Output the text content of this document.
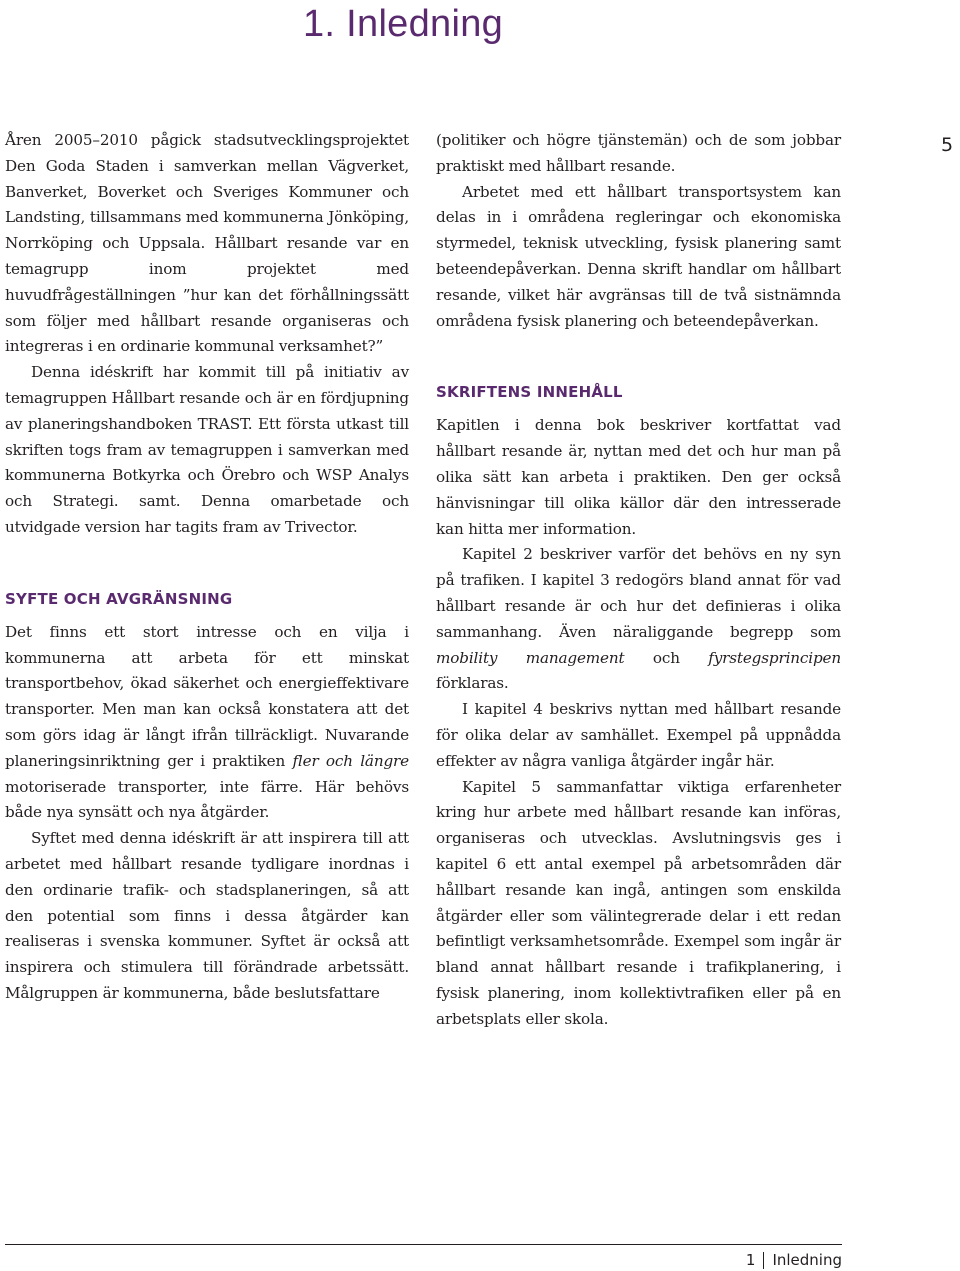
1. Inledning
5

Åren 2005–2010 pågick stadsutvecklingsprojektet Den Goda Staden i samverkan mellan Vägverket, Banverket, Boverket och Sveriges Kommuner och Landsting, tillsammans med kommunerna Jönköping, Norrköping och Uppsala. Hållbart resande var en temagrupp inom projektet med huvudfrågeställningen ”hur kan det förhållningssätt som följer med hållbart resande organiseras och integreras i en ordinarie kommunal verksamhet?”

Denna idéskrift har kommit till på initiativ av temagruppen Hållbart resande och är en fördjupning av planeringshandboken TRAST. Ett första utkast till skriften togs fram av temagruppen i samverkan med kommunerna Botkyrka och Örebro och WSP Analys och Strategi. samt. Denna omarbetade och utvidgade version har tagits fram av Trivector.

SYFTE OCH AVGRÄNSNING

Det finns ett stort intresse och en vilja i kommunerna att arbeta för ett minskat transportbehov, ökad säkerhet och energieffektivare transporter. Men man kan också konstatera att det som görs idag är långt ifrån tillräckligt. Nuvarande planeringsinriktning ger i praktiken fler och längre motoriserade transporter, inte färre. Här behövs både nya synsätt och nya åtgärder.

Syftet med denna idéskrift är att inspirera till att arbetet med hållbart resande tydligare inordnas i den ordinarie trafik- och stadsplaneringen, så att den potential som finns i dessa åtgärder kan realiseras i svenska kommuner. Syftet är också att inspirera och stimulera till förändrade arbetssätt. Målgruppen är kommunerna, både beslutsfattare

(politiker och högre tjänstemän) och de som jobbar praktiskt med hållbart resande.

Arbetet med ett hållbart transportsystem kan delas in i områdena regleringar och ekonomiska styrmedel, teknisk utveckling, fysisk planering samt beteendepåverkan. Denna skrift handlar om hållbart resande, vilket här avgränsas till de två sistnämnda områdena fysisk planering och beteendepåverkan.

SKRIFTENS INNEHÅLL

Kapitlen i denna bok beskriver kortfattat vad hållbart resande är, nyttan med det och hur man på olika sätt kan arbeta i praktiken. Den ger också hänvisningar till olika källor där den intresserade kan hitta mer information.

Kapitel 2 beskriver varför det behövs en ny syn på trafiken. I kapitel 3 redogörs bland annat för vad hållbart resande är och hur det definieras i olika sammanhang. Även näraliggande begrepp som mobility management och fyrstegsprincipen förklaras.

I kapitel 4 beskrivs nyttan med hållbart resande för olika delar av samhället. Exempel på uppnådda effekter av några vanliga åtgärder ingår här.

Kapitel 5 sammanfattar viktiga erfarenheter kring hur arbete med hållbart resande kan införas, organiseras och utvecklas. Avslutningsvis ges i kapitel 6 ett antal exempel på arbetsområden där hållbart resande kan ingå, antingen som enskilda åtgärder eller som välintegrerade delar i ett redan befintligt verksamhetsområde. Exempel som ingår är bland annat hållbart resande i trafikplanering, i fysisk planering, inom kollektivtrafiken eller på en arbetsplats eller skola.

1 Inledning
